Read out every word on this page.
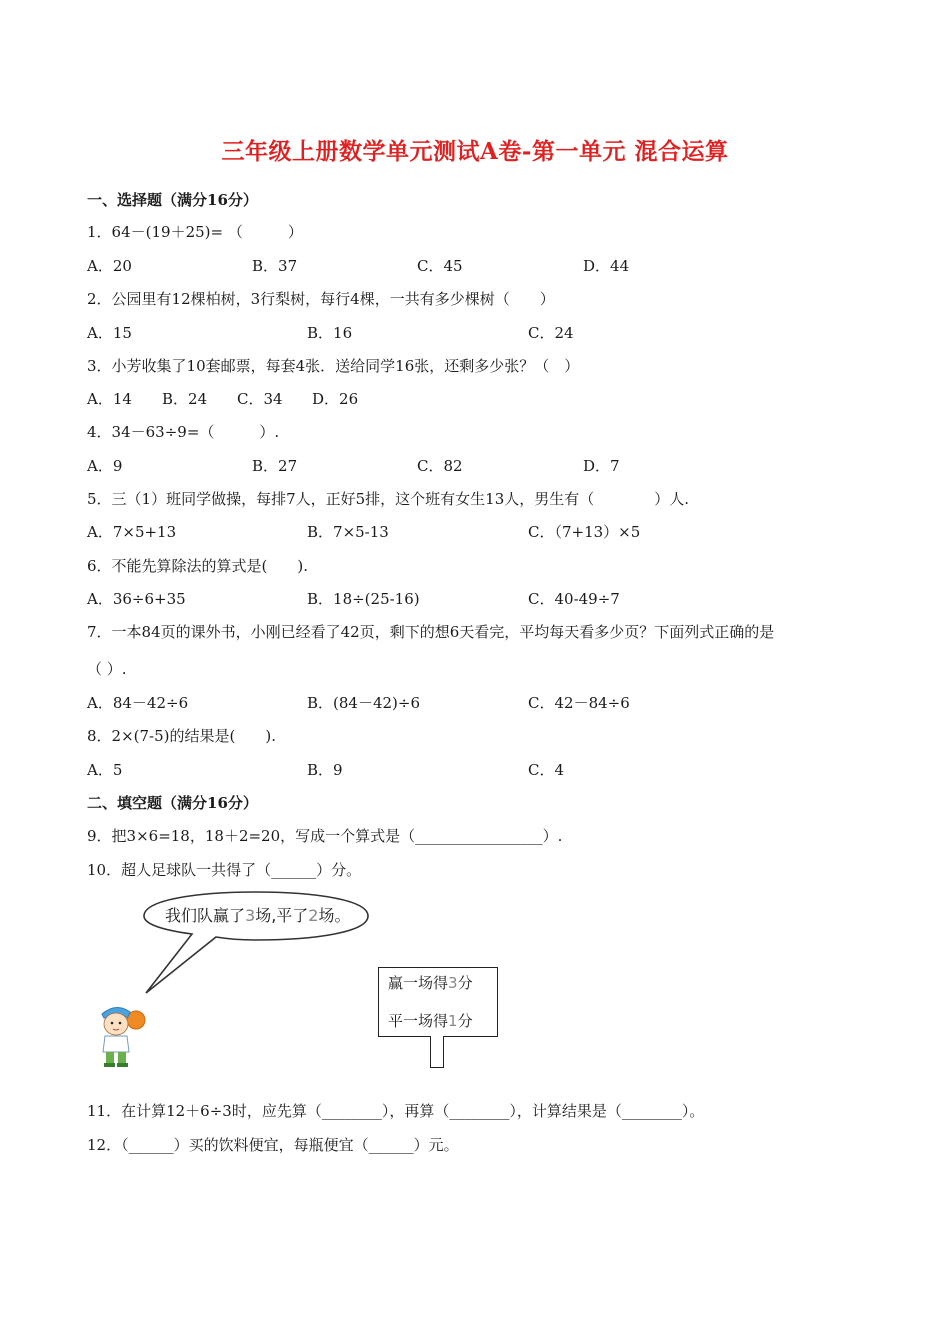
三年级上册数学单元测试A卷-第一单元 混合运算
一、选择题（满分16分）
1．64－(19＋25)= （　　　）
A．20	B．37	C．45	D．44
2．公园里有12棵柏树，3行梨树，每行4棵，一共有多少棵树（　　）
A．15	B．16	C．24
3．小芳收集了10套邮票，每套4张．送给同学16张，还剩多少张？（　）
A．14 B．24 C．34 D．26
4．34－63÷9=（　　　）.
A．9	B．27	C．82	D．7
5．三（1）班同学做操，每排7人，正好5排，这个班有女生13人，男生有（　　　　）人.
A．7×5+13	B．7×5-13	C．（7+13）×5
6．不能先算除法的算式是(　　).
A．36÷6+35	B．18÷(25-16)	C．40-49÷7
7．一本84页的课外书，小刚已经看了42页，剩下的想6天看完，平均每天看多少页？下面列式正确的是
（ ）.
A．84－42÷6	B．(84－42)÷6	C．42－84÷6
8．2×(7-5)的结果是(　　).
A．5	B．9	C．4
二、填空题（满分16分）
9．把3×6=18，18＋2=20，写成一个算式是（_________________）.
10．超人足球队一共得了（______）分。
我们队赢了3场,平了2场。
赢一场得3分
平一场得1分
11．在计算12＋6÷3时，应先算（________），再算（________），计算结果是（________）。
12．（______）买的饮料便宜，每瓶便宜（______）元。
